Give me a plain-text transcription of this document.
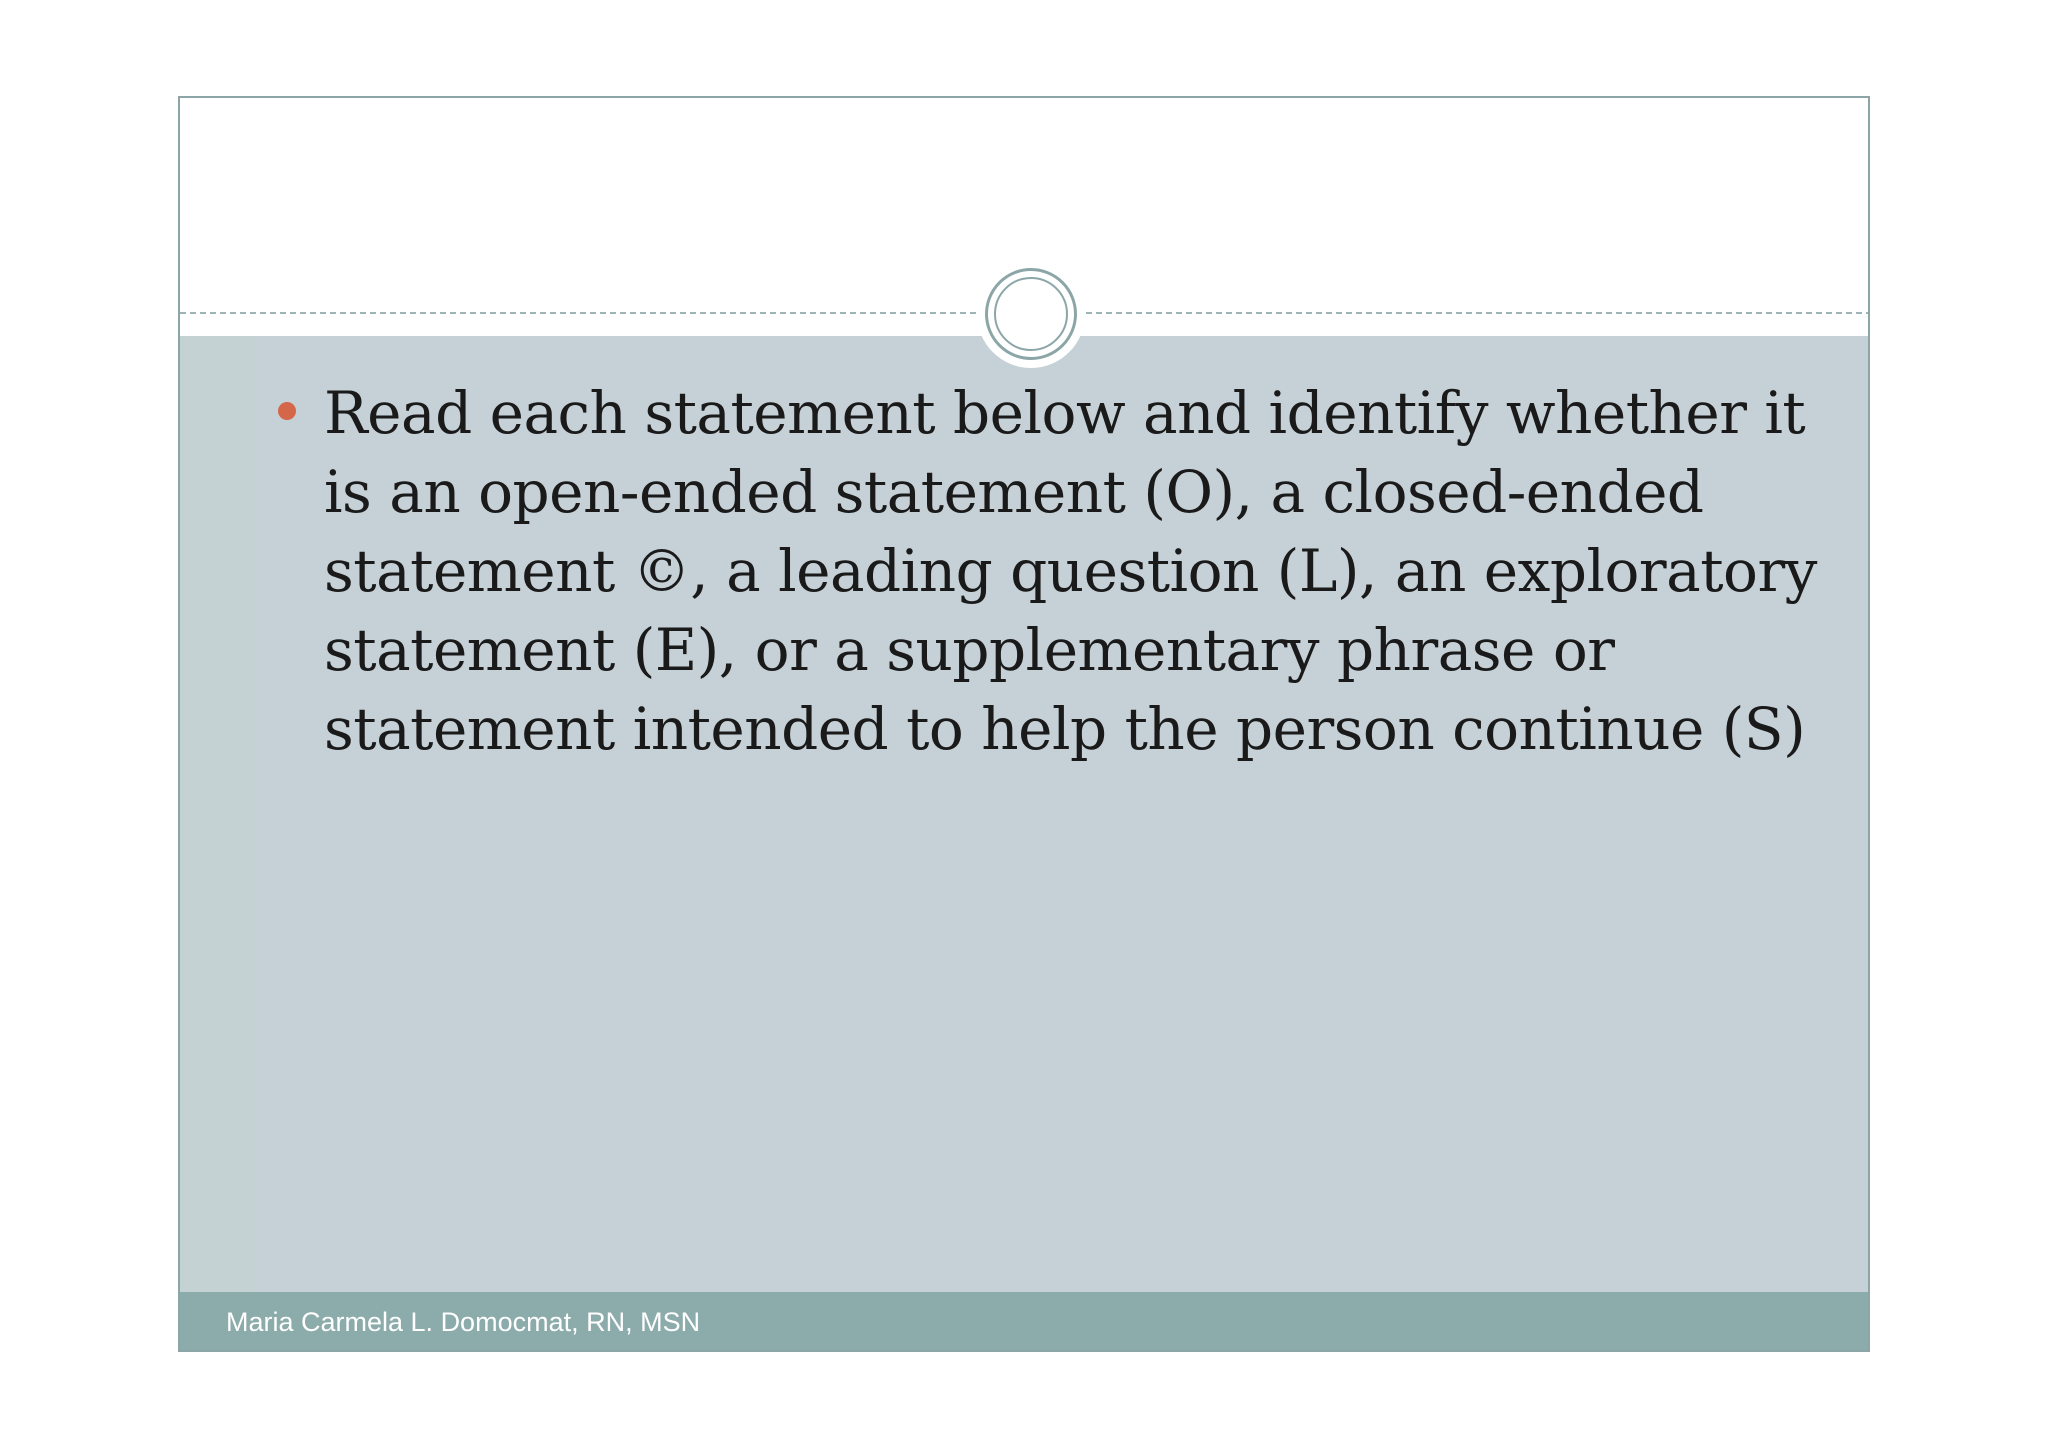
Read each statement below and identify whether it is an open-ended statement (O), a closed-ended statement ©, a leading question (L), an exploratory statement (E), or a supplementary phrase or statement intended to help the person continue (S)
Maria Carmela L. Domocmat, RN, MSN
